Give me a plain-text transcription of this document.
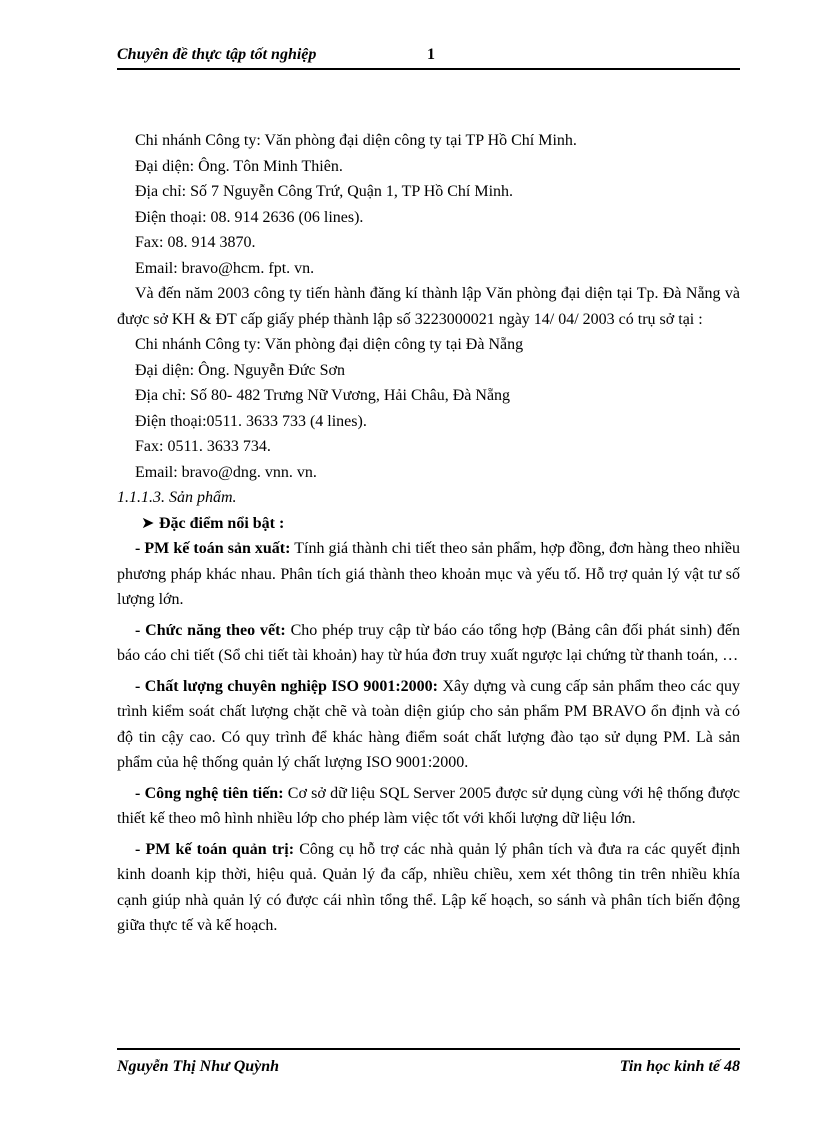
Chuyên đề thực tập tốt nghiệp	1

Chi nhánh Công ty: Văn phòng đại diện công ty tại TP Hồ Chí Minh.

Đại diện: Ông. Tôn Minh Thiên.

Địa chỉ: Số 7 Nguyễn Công Trứ, Quận 1, TP Hồ Chí Minh.

Điện thoại: 08. 914 2636 (06 lines).

Fax: 08. 914 3870.

Email: bravo@hcm. fpt. vn.

Và đến năm 2003 công ty tiến hành đăng kí thành lập Văn phòng đại diện tại Tp. Đà Nẵng và được sở KH & ĐT cấp giấy phép thành lập số 3223000021 ngày 14/ 04/ 2003 có trụ sở tại :

Chi nhánh Công ty: Văn phòng đại diện công ty tại Đà Nẵng

Đại diện: Ông. Nguyễn Đức Sơn

Địa chỉ: Số 80- 482 Trưng Nữ Vương, Hải Châu, Đà Nẵng

Điện thoại:0511. 3633 733 (4 lines).

Fax: 0511. 3633 734.

Email: bravo@dng. vnn. vn.

1.1.1.3. Sản phẩm.

➤ Đặc điểm nổi bật :

- PM kế toán sản xuất: Tính giá thành chi tiết theo sản phẩm, hợp đồng, đơn hàng theo nhiều phương pháp khác nhau. Phân tích giá thành theo khoản mục và yếu tố. Hỗ trợ quản lý vật tư số lượng lớn.

- Chức năng theo vết: Cho phép truy cập từ báo cáo tổng hợp (Bảng cân đối phát sinh) đến báo cáo chi tiết (Sổ chi tiết tài khoản) hay từ húa đơn truy xuất ngược lại chứng từ thanh toán, …

- Chất lượng chuyên nghiệp ISO 9001:2000: Xây dựng và cung cấp sản phẩm theo các quy trình kiểm soát chất lượng chặt chẽ và toàn diện giúp cho sản phẩm PM BRAVO ổn định và có độ tin cậy cao. Có quy trình để khác hàng điểm soát chất lượng đào tạo sử dụng PM. Là sản phẩm của hệ thống quản lý chất lượng ISO 9001:2000.

- Công nghệ tiên tiến: Cơ sở dữ liệu SQL Server 2005 được sử dụng cùng với hệ thống được thiết kế theo mô hình nhiều lớp cho phép làm việc tốt với khối lượng dữ liệu lớn.

- PM kế toán quản trị: Công cụ hỗ trợ các nhà quản lý phân tích và đưa ra các quyết định kinh doanh kịp thời, hiệu quả. Quản lý đa cấp, nhiều chiều, xem xét thông tin trên nhiều khía cạnh giúp nhà quản lý có được cái nhìn tổng thể. Lập kế hoạch, so sánh và phân tích biến động giữa thực tế và kế hoạch.

Nguyễn Thị Như Quỳnh	Tin học kinh tế 48
